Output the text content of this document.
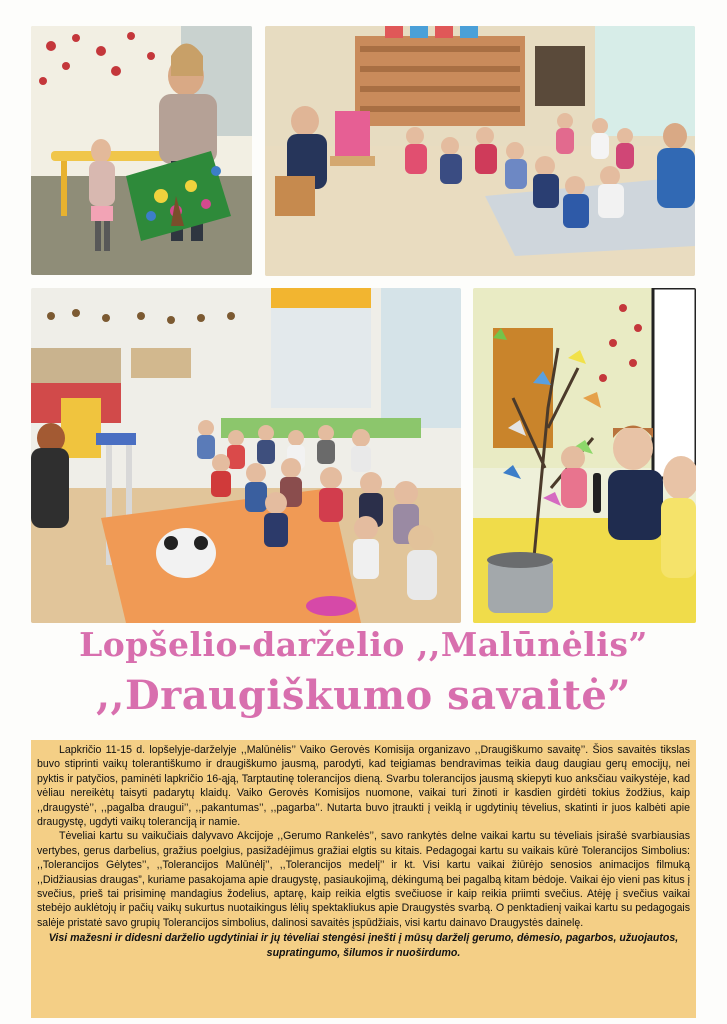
Lopšelio-darželio ,,Malūnėlis”
,,Draugiškumo savaitė”

Lapkričio 11-15 d. lopšelyje-darželyje ,,Malūnėlis’’ Vaiko Gerovės Komisija organizavo ,,Draugiškumo savaitę’’. Šios savaitės tikslas buvo stiprinti vaikų tolerantiškumo ir draugiškumo jausmą, parodyti, kad teigiamas bendravimas teikia daug daugiau gerų emocijų, nei pyktis ir patyčios, paminėti lapkričio 16-ąją, Tarptautinę tolerancijos dieną. Svarbu tolerancijos jausmą skiepyti kuo anksčiau vaikystėje, kad vėliau nereikėtų taisyti padarytų klaidų. Vaiko Gerovės Komisijos nuomone, vaikai turi žinoti ir kasdien girdėti tokius žodžius, kaip ,,draugystė’’, ,,pagalba draugui’’, ,,pakantumas’’, ,,pagarba’’. Nutarta buvo įtraukti į veiklą ir ugdytinių tėvelius, skatinti ir juos kalbėti apie draugystę, ugdyti vaikų toleranciją ir namie.

Tėveliai kartu su vaikučiais dalyvavo Akcijoje ,,Gerumo Rankelės’’, savo rankytės delne vaikai kartu su tėveliais įsirašė svarbiausias vertybes, gerus darbelius, gražius poelgius, pasižadėjimus gražiai elgtis su kitais. Pedagogai kartu su vaikais kūrė Tolerancijos Simbolius: ,,Tolerancijos Gėlytes’’, ,,Tolerancijos Malūnėlį’’, ,,Tolerancijos medelį’’ ir kt. Visi kartu vaikai žiūrėjo senosios animacijos filmuką ,,Didžiausias draugas”, kuriame pasakojama apie draugystę, pasiaukojimą, dėkingumą bei pagalbą kitam bėdoje. Vaikai ėjo vieni pas kitus į svečius, prieš tai prisiminę mandagius žodelius, aptarę, kaip reikia elgtis svečiuose ir kaip reikia priimti svečius. Atėję į svečius vaikai stebėjo auklėtojų ir pačių vaikų sukurtus nuotaikingus lėlių spektakliukus apie Draugystės svarbą. O penktadienį vaikai kartu su pedagogais salėje pristatė savo grupių Tolerancijos simbolius, dalinosi savaitės įspūdžiais, visi kartu dainavo Draugystės dainelę.

Visi mažesni ir didesni darželio ugdytiniai ir jų tėveliai stengėsi įnešti į mūsų darželį gerumo, dėmesio, pagarbos, užuojautos, supratingumo, šilumos ir nuoširdumo.
